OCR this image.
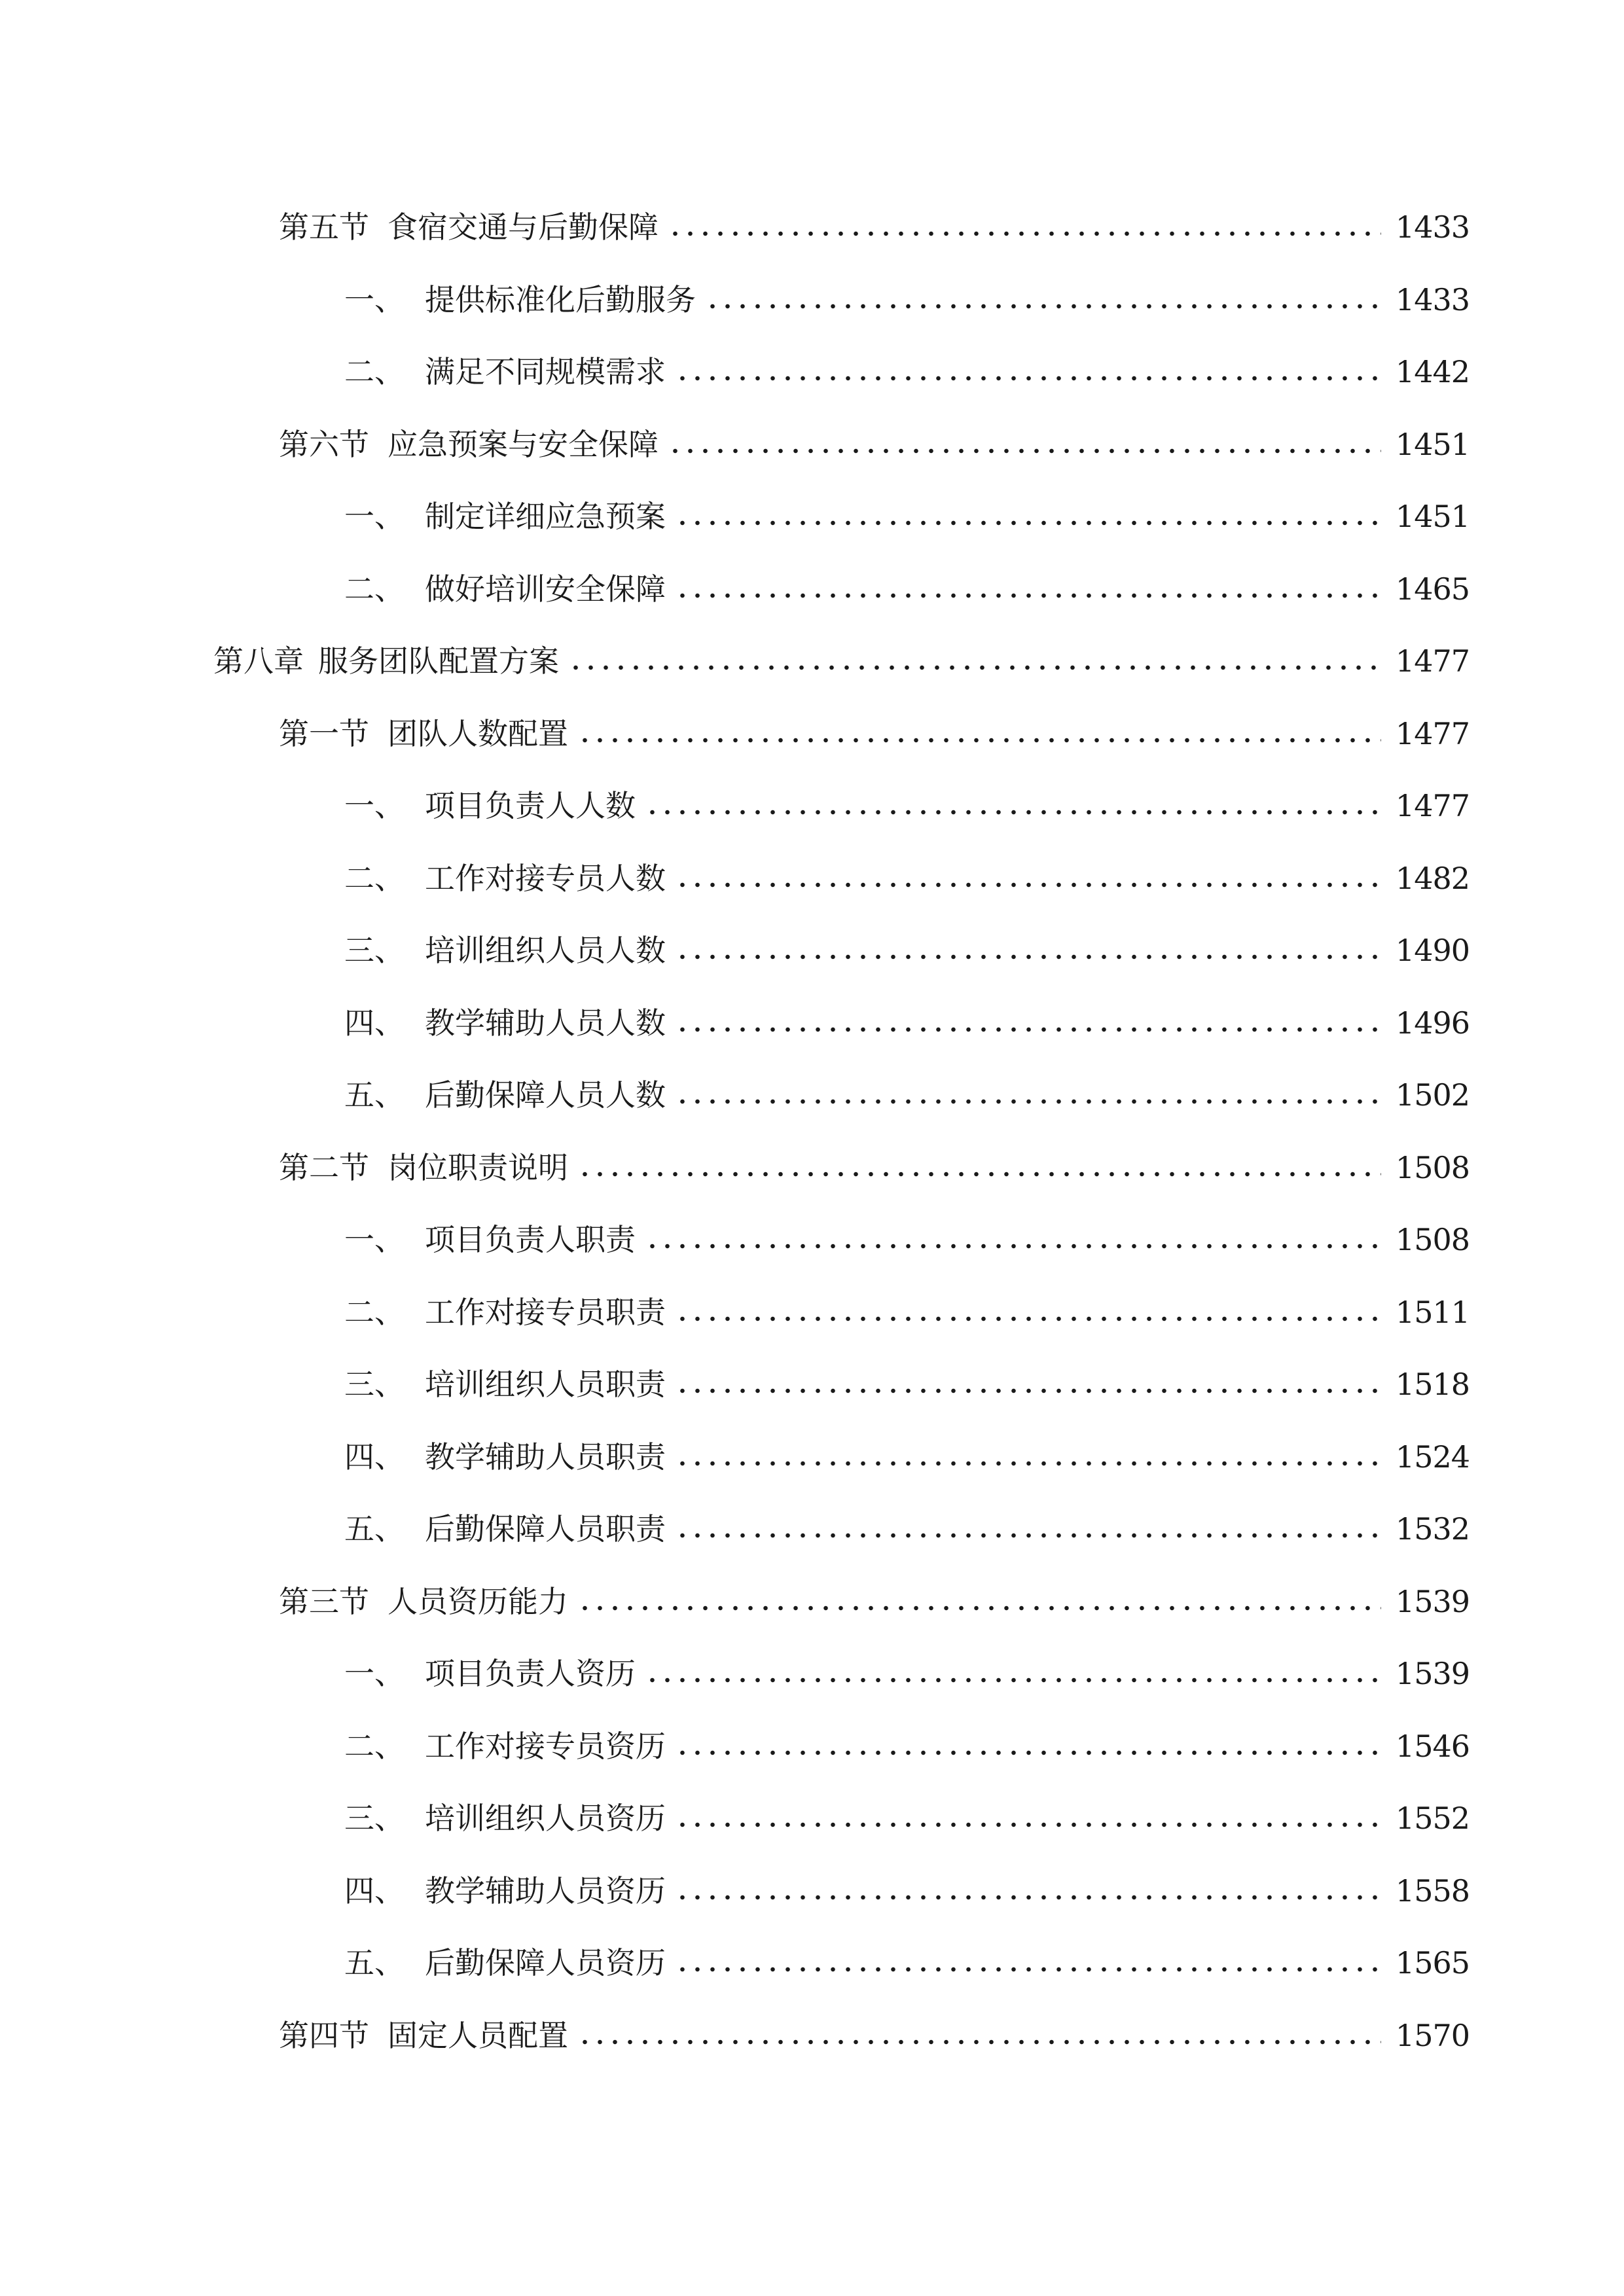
第五节 食宿交通与后勤保障	1433
一、 提供标准化后勤服务	1433
二、 满足不同规模需求	1442
第六节 应急预案与安全保障	1451
一、 制定详细应急预案	1451
二、 做好培训安全保障	1465
第八章 服务团队配置方案	1477
第一节 团队人数配置	1477
一、 项目负责人人数	1477
二、 工作对接专员人数	1482
三、 培训组织人员人数	1490
四、 教学辅助人员人数	1496
五、 后勤保障人员人数	1502
第二节 岗位职责说明	1508
一、 项目负责人职责	1508
二、 工作对接专员职责	1511
三、 培训组织人员职责	1518
四、 教学辅助人员职责	1524
五、 后勤保障人员职责	1532
第三节 人员资历能力	1539
一、 项目负责人资历	1539
二、 工作对接专员资历	1546
三、 培训组织人员资历	1552
四、 教学辅助人员资历	1558
五、 后勤保障人员资历	1565
第四节 固定人员配置	1570
